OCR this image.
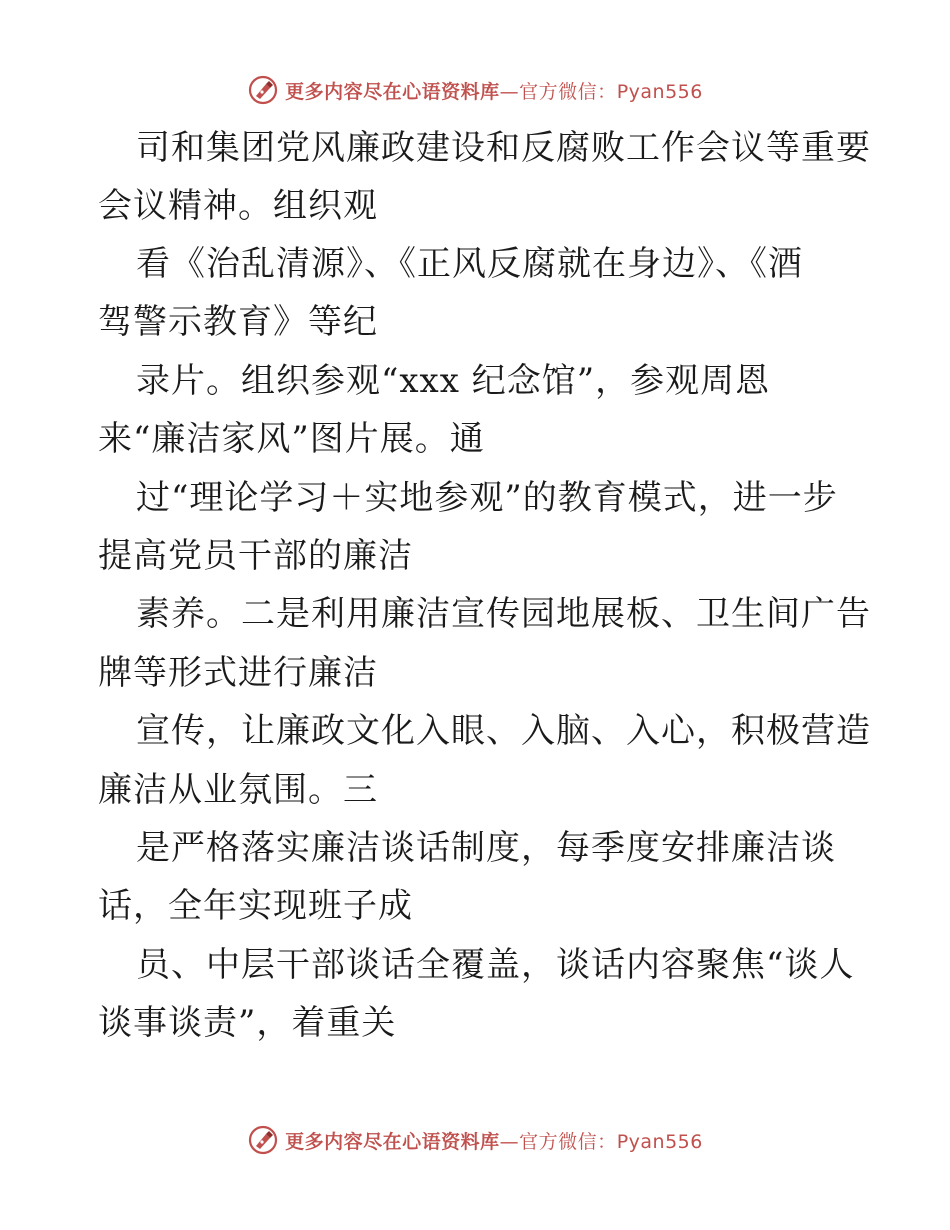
更多内容尽在心语资料库—官方微信：Pyan556
司和集团党风廉政建设和反腐败工作会议等重要
会议精神。组织观
看《治乱清源》、《正风反腐就在身边》、《酒
驾警示教育》等纪
录片。组织参观“xxx 纪念馆”，参观周恩
来“廉洁家风”图片展。通
过“理论学习＋实地参观”的教育模式，进一步
提高党员干部的廉洁
素养。二是利用廉洁宣传园地展板、卫生间广告
牌等形式进行廉洁
宣传，让廉政文化入眼、入脑、入心，积极营造
廉洁从业氛围。三
是严格落实廉洁谈话制度，每季度安排廉洁谈
话，全年实现班子成
员、中层干部谈话全覆盖，谈话内容聚焦“谈人
谈事谈责”，着重关
更多内容尽在心语资料库—官方微信：Pyan556
